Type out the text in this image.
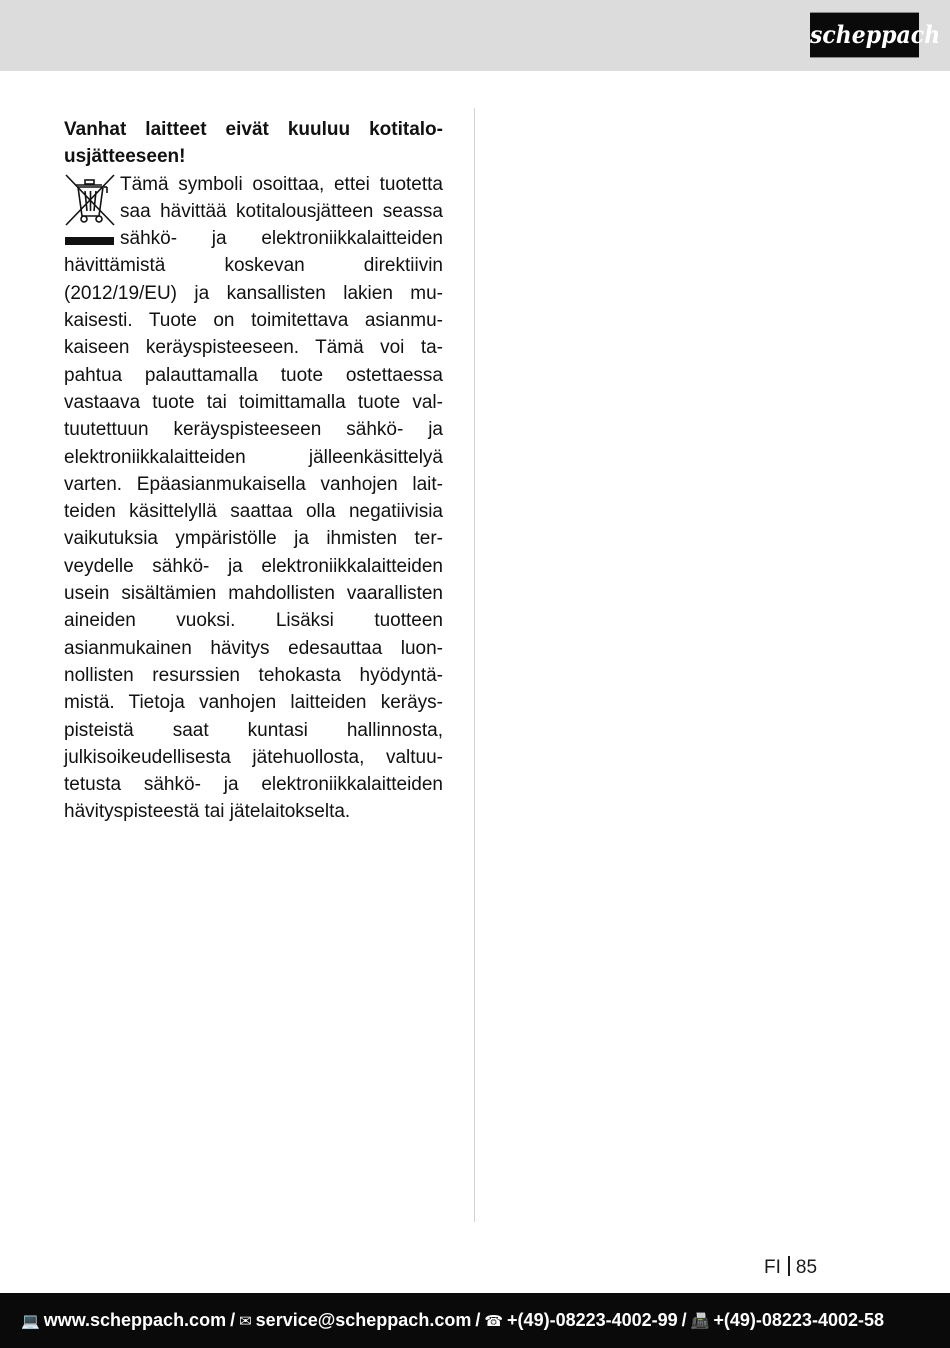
scheppach

Vanhat laitteet eivät kuuluu kotitalousjätteeseen!

Tämä symboli osoittaa, ettei tuotetta saa hävittää kotitalousjätteen seassa sähkö- ja elektroniikkalaitteiden hävittämistä koskevan direktiivin (2012/19/EU) ja kansallisten lakien mukaisesti. Tuote on toimitettava asianmukaiseen keräyspisteeseen. Tämä voi tapahtua palauttamalla tuote ostettaessa vastaava tuote tai toimittamalla tuote valtuutettuun keräyspisteeseen sähkö- ja elektroniikkalaitteiden jälleenkäsittelyä varten. Epäasianmukaisella vanhojen laitteiden käsittelyllä saattaa olla negatiivisia vaikutuksia ympäristölle ja ihmisten terveydelle sähkö- ja elektroniikkalaitteiden usein sisältämien mahdollisten vaarallisten aineiden vuoksi. Lisäksi tuotteen asianmukainen hävitys edesauttaa luonnollisten resurssien tehokasta hyödyntämistä. Tietoja vanhojen laitteiden keräyspisteistä saat kuntasi hallinnosta, julkisoikeudellisesta jätehuollosta, valtuutetusta sähkö- ja elektroniikkalaitteiden hävityspisteestä tai jätelaitokselta.
FI 85
💻 www.scheppach.com / ✉ service@scheppach.com / ☎ +(49)-08223-4002-99 / 📠 +(49)-08223-4002-58
